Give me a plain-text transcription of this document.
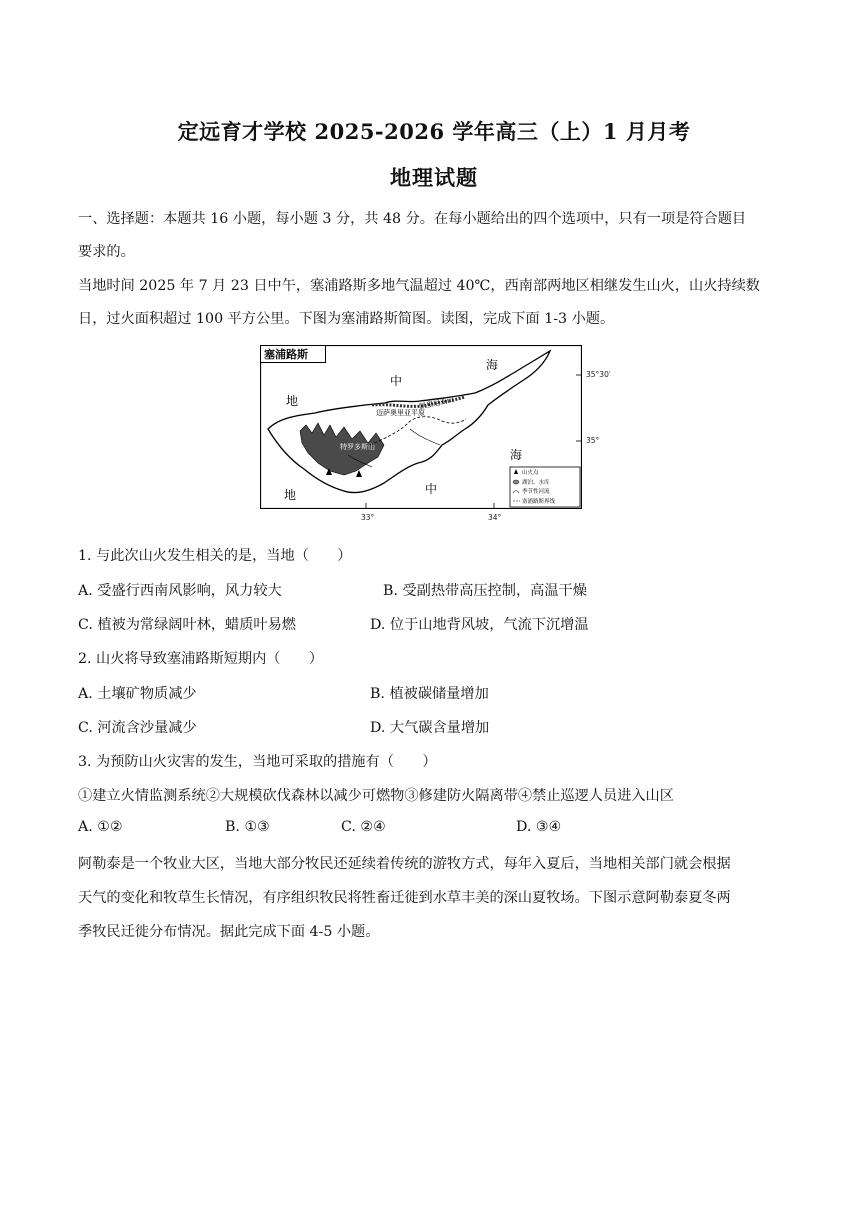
定远育才学校 2025-2026 学年高三（上）1 月月考
地理试题
一、选择题：本题共 16 小题，每小题 3 分，共 48 分。在每小题给出的四个选项中，只有一项是符合题目
要求的。
当地时间 2025 年 7 月 23 日中午，塞浦路斯多地气温超过 40℃，西南部两地区相继发生山火，山火持续数
日，过火面积超过 100 平方公里。下图为塞浦路斯简图。读图，完成下面 1-3 小题。
塞浦路斯
中
海
地
地	中
海
凯里尼亚山
迈萨奥里亚平原
特罗多斯山
山火点
湖泊、水库
季节性河流
塞浦路斯界线
35°30′
35°
33°	34°
1. 与此次山火发生相关的是，当地（　　）
A. 受盛行西南风影响，风力较大	B. 受副热带高压控制，高温干燥
C. 植被为常绿阔叶林，蜡质叶易燃	D. 位于山地背风坡，气流下沉增温
2. 山火将导致塞浦路斯短期内（　　）
A. 土壤矿物质减少	B. 植被碳储量增加
C. 河流含沙量减少	D. 大气碳含量增加
3. 为预防山火灾害的发生，当地可采取的措施有（　　）
①建立火情监测系统②大规模砍伐森林以减少可燃物③修建防火隔离带④禁止巡逻人员进入山区
A. ①②	B. ①③	C. ②④	D. ③④
阿勒泰是一个牧业大区，当地大部分牧民还延续着传统的游牧方式，每年入夏后，当地相关部门就会根据
天气的变化和牧草生长情况，有序组织牧民将牲畜迁徙到水草丰美的深山夏牧场。下图示意阿勒泰夏冬两
季牧民迁徙分布情况。据此完成下面 4-5 小题。
